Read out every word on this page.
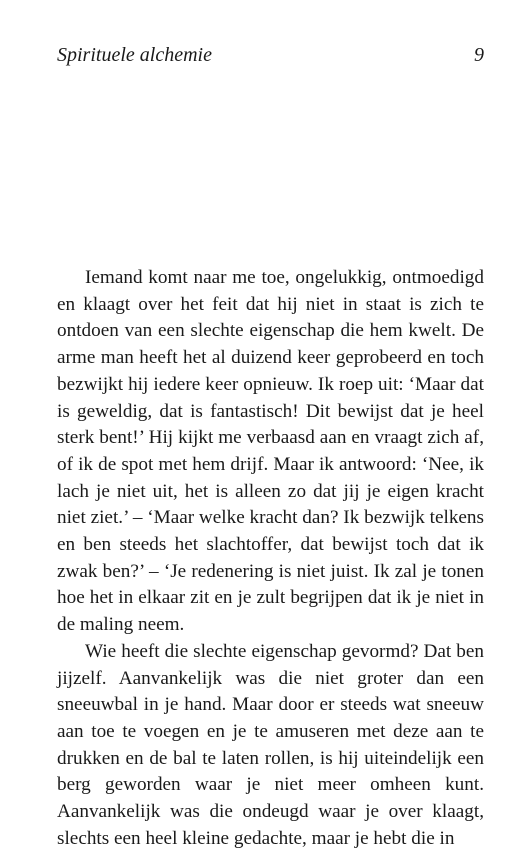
Spirituele alchemie	9

Iemand komt naar me toe, ongelukkig, ontmoedigd en klaagt over het feit dat hij niet in staat is zich te ontdoen van een slechte eigenschap die hem kwelt. De arme man heeft het al duizend keer geprobeerd en toch bezwijkt hij iedere keer opnieuw. Ik roep uit: ‘Maar dat is geweldig, dat is fantastisch! Dit bewijst dat je heel sterk bent!’ Hij kijkt me verbaasd aan en vraagt zich af, of ik de spot met hem drijf. Maar ik antwoord: ‘Nee, ik lach je niet uit, het is alleen zo dat jij je eigen kracht niet ziet.’ – ‘Maar welke kracht dan? Ik bezwijk telkens en ben steeds het slachtoffer, dat bewijst toch dat ik zwak ben?’ – ‘Je redenering is niet juist. Ik zal je tonen hoe het in elkaar zit en je zult begrijpen dat ik je niet in de maling neem.

Wie heeft die slechte eigenschap gevormd? Dat ben jijzelf. Aanvankelijk was die niet groter dan een sneeuwbal in je hand. Maar door er steeds wat sneeuw aan toe te voegen en je te amuseren met deze aan te drukken en de bal te laten rollen, is hij uiteindelijk een berg geworden waar je niet meer omheen kunt. Aanvankelijk was die ondeugd waar je over klaagt, slechts een heel kleine gedachte, maar je hebt die in
